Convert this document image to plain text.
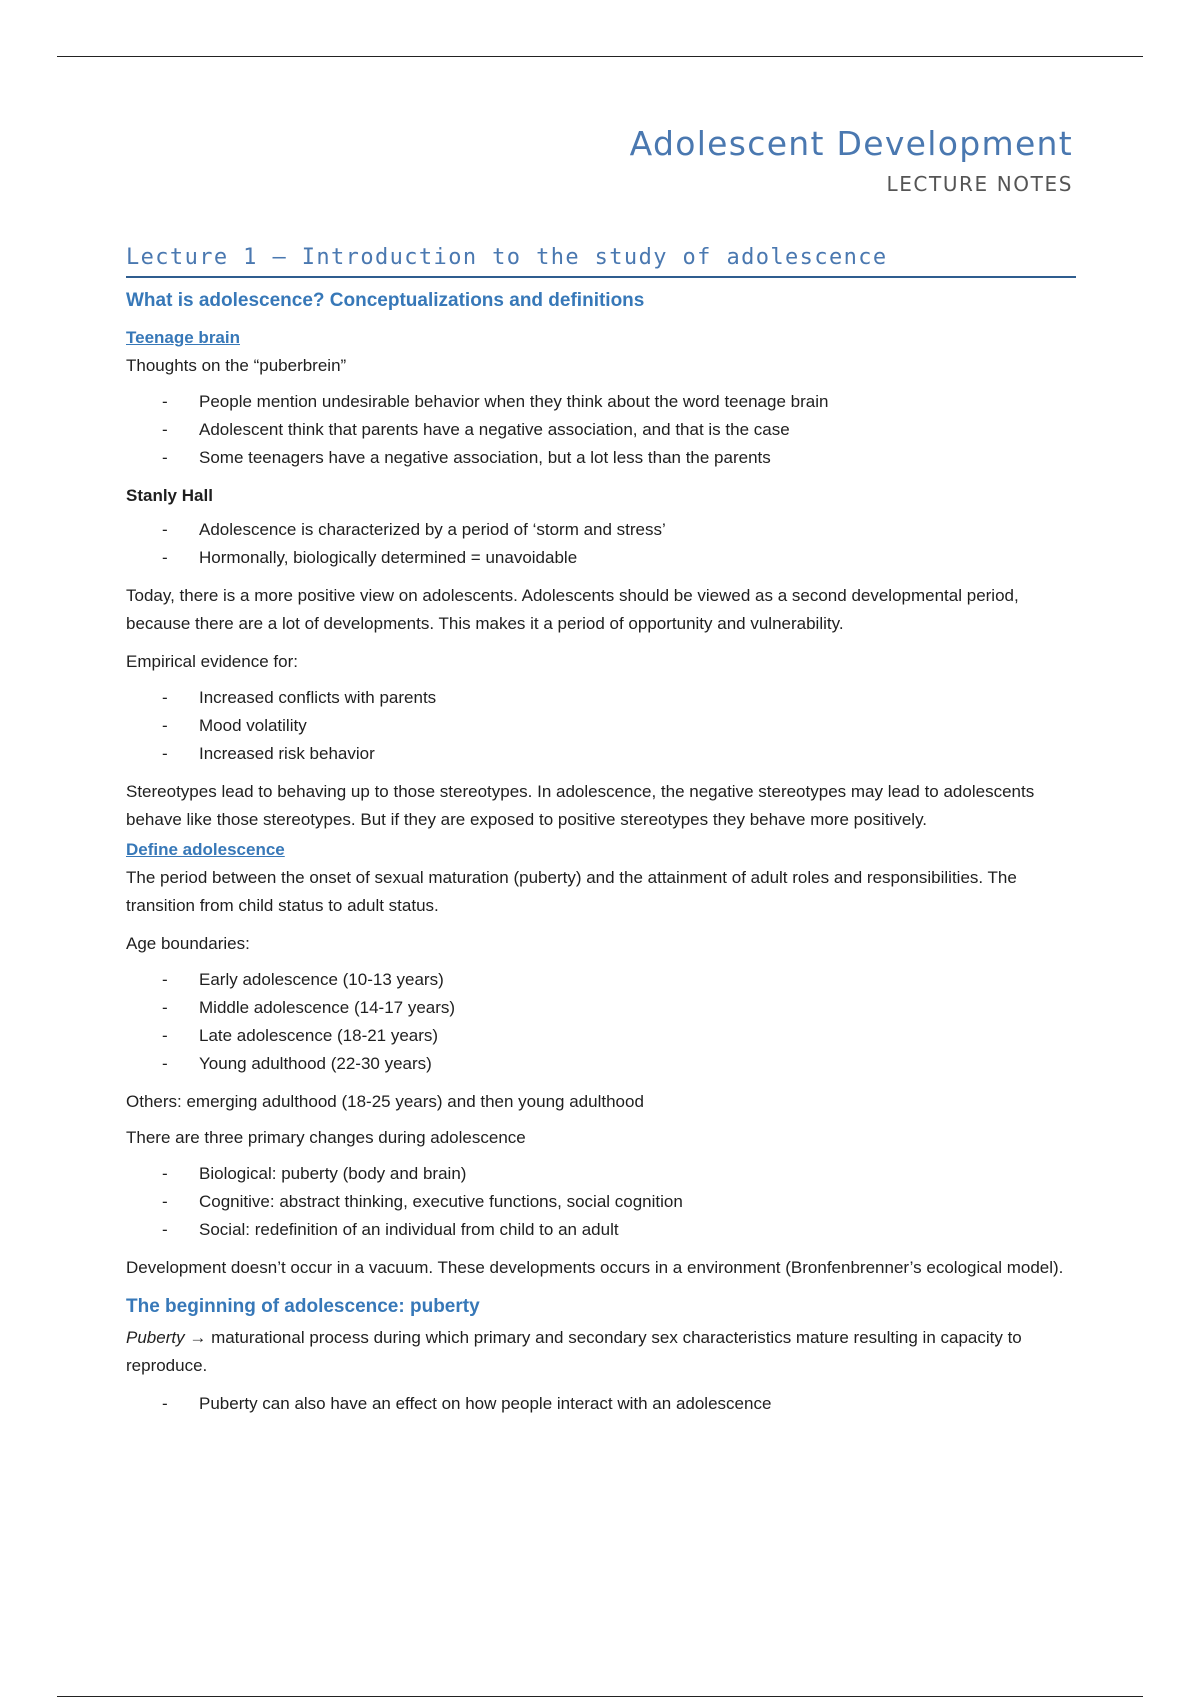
Adolescent Development
LECTURE NOTES
Lecture 1 – Introduction to the study of adolescence
What is adolescence? Conceptualizations and definitions
Teenage brain

Thoughts on the “puberbrein”

- People mention undesirable behavior when they think about the word teenage brain
- Adolescent think that parents have a negative association, and that is the case
- Some teenagers have a negative association, but a lot less than the parents
Stanly Hall
- Adolescence is characterized by a period of ‘storm and stress’
- Hormonally, biologically determined = unavoidable

Today, there is a more positive view on adolescents. Adolescents should be viewed as a second developmental period, because there are a lot of developments. This makes it a period of opportunity and vulnerability.

Empirical evidence for:

- Increased conflicts with parents
- Mood volatility
- Increased risk behavior

Stereotypes lead to behaving up to those stereotypes. In adolescence, the negative stereotypes may lead to adolescents behave like those stereotypes. But if they are exposed to positive stereotypes they behave more positively.

Define adolescence

The period between the onset of sexual maturation (puberty) and the attainment of adult roles and responsibilities. The transition from child status to adult status.

Age boundaries:

- Early adolescence (10-13 years)
- Middle adolescence (14-17 years)
- Late adolescence (18-21 years)
- Young adulthood (22-30 years)

Others: emerging adulthood (18-25 years) and then young adulthood

There are three primary changes during adolescence

- Biological: puberty (body and brain)
- Cognitive: abstract thinking, executive functions, social cognition
- Social: redefinition of an individual from child to an adult

Development doesn’t occur in a vacuum. These developments occurs in a environment (Bronfenbrenner’s ecological model).

The beginning of adolescence: puberty

Puberty → maturational process during which primary and secondary sex characteristics mature resulting in capacity to reproduce.

- Puberty can also have an effect on how people interact with an adolescence
